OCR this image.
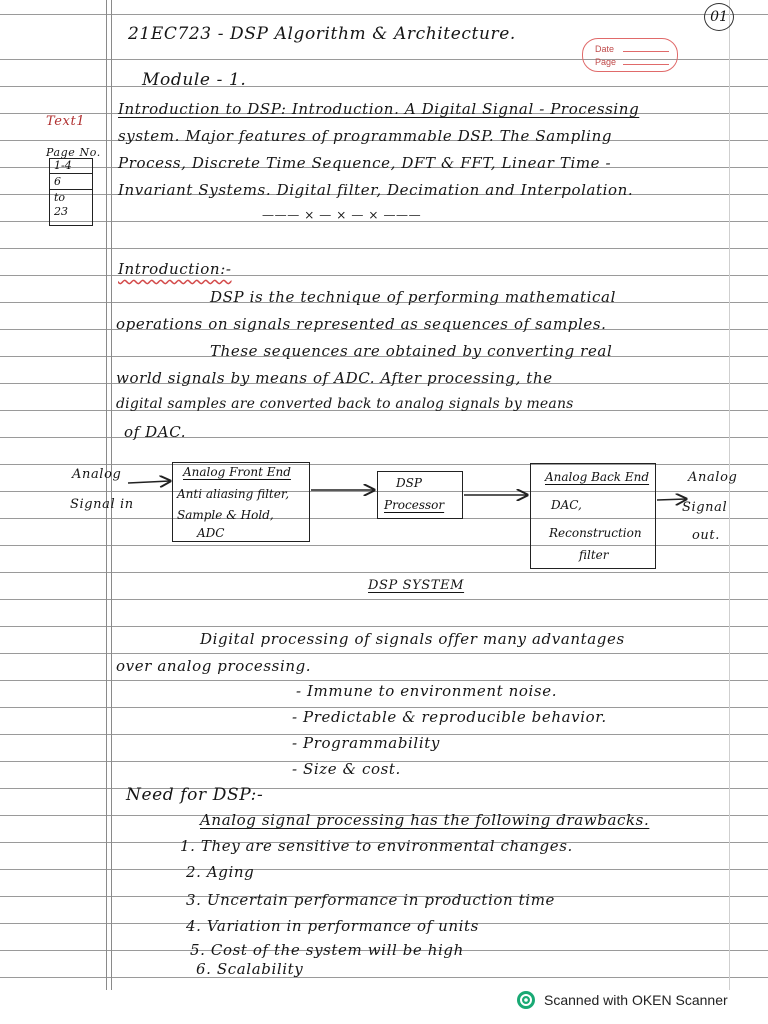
21EC723 - DSP Algorithm & Architecture.
01
Date
Page
Module - 1.
Text1
Introduction to DSP: Introduction. A Digital Signal - Processing
system. Major features of programmable DSP. The Sampling
Process, Discrete Time Sequence, DFT & FFT, Linear Time -
Invariant Systems. Digital filter, Decimation and Interpolation.
——— × — × — × ———
Page No.
1-4
6
to
23
Introduction:-
DSP is the technique of performing mathematical
operations on signals represented as sequences of samples.
These sequences are obtained by converting real
world signals by means of ADC. After processing, the
digital samples are converted back to analog signals by means
of DAC.
Analog
Signal in
Analog Front End
Anti aliasing filter,
Sample & Hold,
ADC
DSP
Processor
Analog Back End
DAC,
Reconstruction
filter
Analog
Signal
out.
DSP SYSTEM
Digital processing of signals offer many advantages
over analog processing.
- Immune to environment noise.
- Predictable & reproducible behavior.
- Programmability
- Size & cost.
Need for DSP:-
Analog signal processing has the following drawbacks.
1. They are sensitive to environmental changes.
2. Aging
3. Uncertain performance in production time
4. Variation in performance of units
5. Cost of the system will be high
6. Scalability
Scanned with OKEN Scanner
